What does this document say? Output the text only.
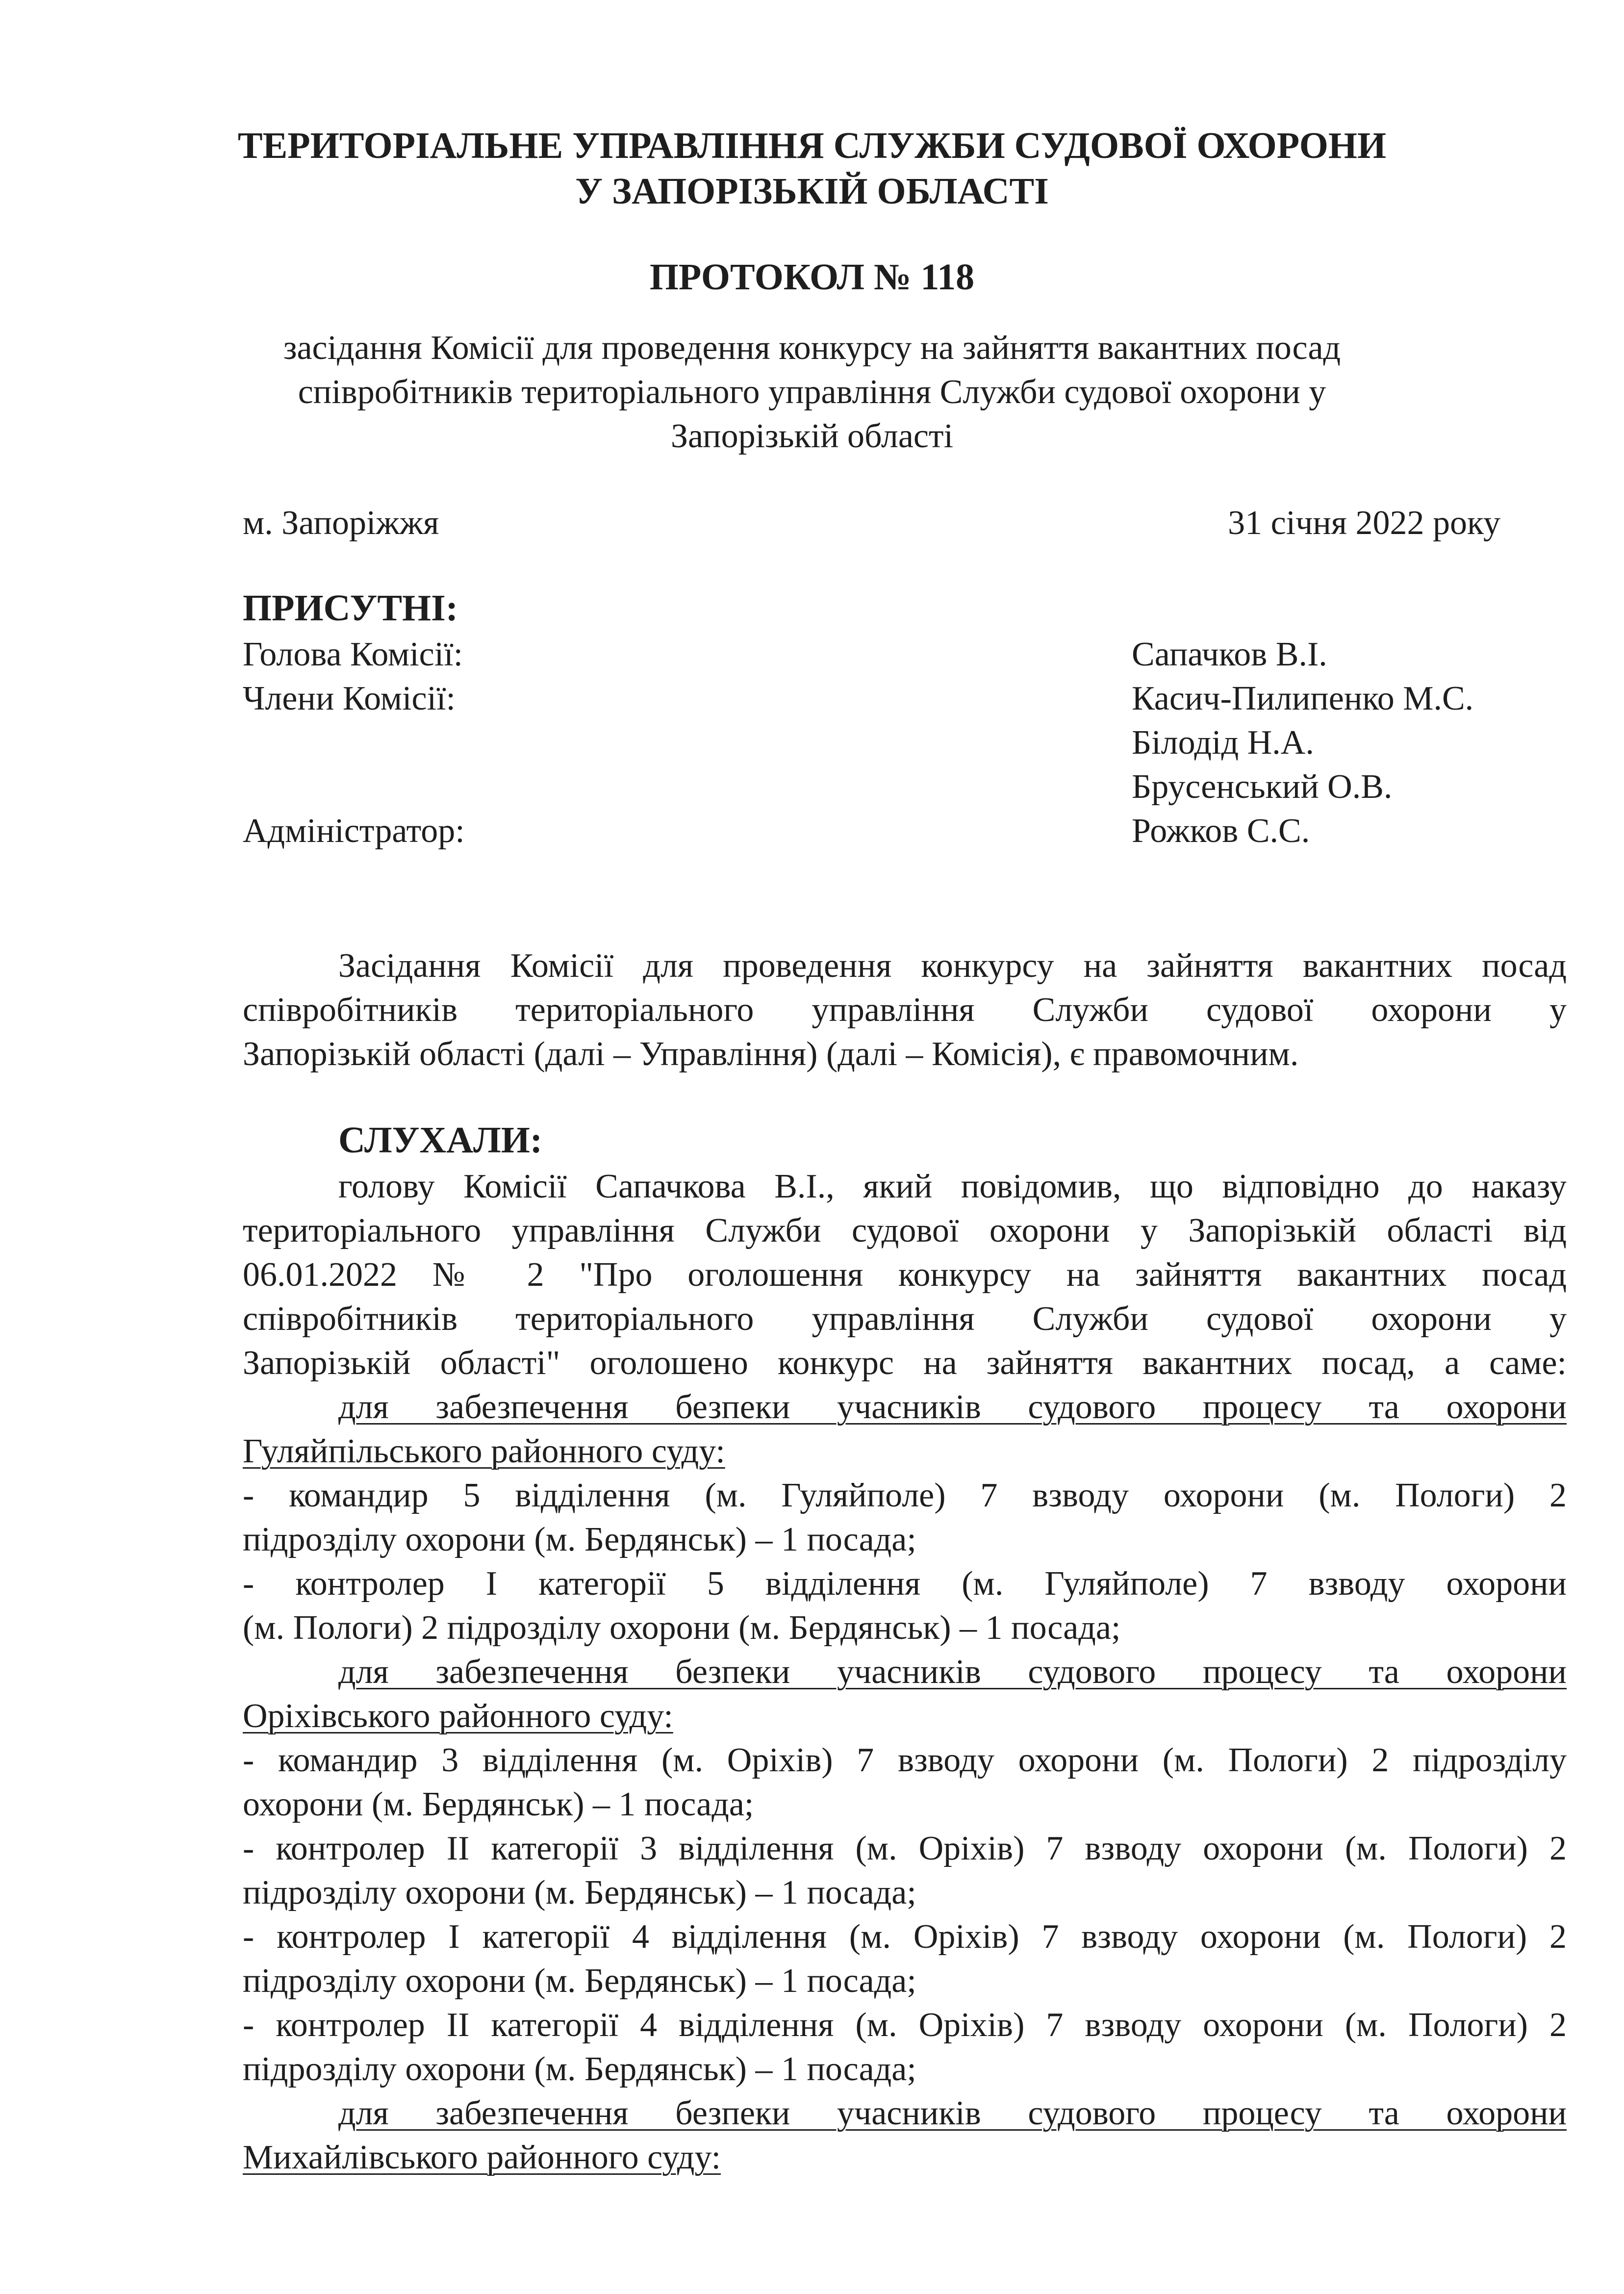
ТЕРИТОРІАЛЬНЕ УПРАВЛІННЯ СЛУЖБИ СУДОВОЇ ОХОРОНИ
У ЗАПОРІЗЬКІЙ ОБЛАСТІ
ПРОТОКОЛ № 118
засідання Комісії для проведення конкурсу на зайняття вакантних посад
співробітників територіального управління Служби судової охорони у
Запорізькій області
м. Запоріжжя	31 січня 2022 року
ПРИСУТНІ:
Голова Комісії:	Сапачков В.І.
Члени Комісії:	Касич-Пилипенко М.С.
Білодід Н.А.
Брусенський О.В.
Адміністратор:	Рожков С.С.
Засідання Комісії для проведення конкурсу на зайняття вакантних посад
співробітників територіального управління Служби судової охорони у
Запорізькій області (далі – Управління) (далі – Комісія), є правомочним.
СЛУХАЛИ:
голову Комісії Сапачкова В.І., який повідомив, що відповідно до наказу
територіального управління Служби судової охорони у Запорізькій області від
06.01.2022 № 2 "Про оголошення конкурсу на зайняття вакантних посад
співробітників територіального управління Служби судової охорони у
Запорізькій області" оголошено конкурс на зайняття вакантних посад, а саме:
для забезпечення безпеки учасників судового процесу та охорони
Гуляйпільського районного суду:
- командир 5 відділення (м. Гуляйполе) 7 взводу охорони (м. Пологи) 2
підрозділу охорони (м. Бердянськ) – 1 посада;
- контролер І категорії 5 відділення (м. Гуляйполе) 7 взводу охорони
(м. Пологи) 2 підрозділу охорони (м. Бердянськ) – 1 посада;
для забезпечення безпеки учасників судового процесу та охорони
Оріхівського районного суду:
- командир 3 відділення (м. Оріхів) 7 взводу охорони (м. Пологи) 2 підрозділу
охорони (м. Бердянськ) – 1 посада;
- контролер ІІ категорії 3 відділення (м. Оріхів) 7 взводу охорони (м. Пологи) 2
підрозділу охорони (м. Бердянськ) – 1 посада;
- контролер І категорії 4 відділення (м. Оріхів) 7 взводу охорони (м. Пологи) 2
підрозділу охорони (м. Бердянськ) – 1 посада;
- контролер ІІ категорії 4 відділення (м. Оріхів) 7 взводу охорони (м. Пологи) 2
підрозділу охорони (м. Бердянськ) – 1 посада;
для забезпечення безпеки учасників судового процесу та охорони
Михайлівського районного суду:
